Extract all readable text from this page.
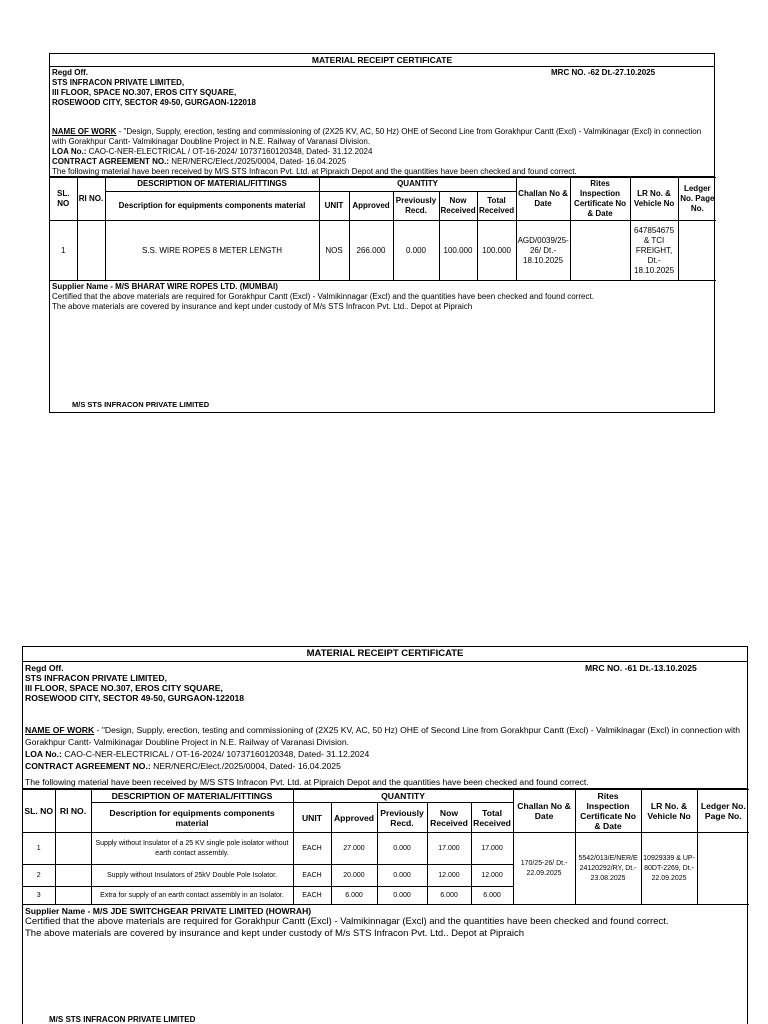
MATERIAL RECEIPT CERTIFICATE
Regd Off.
STS INFRACON PRIVATE LIMITED,
III FLOOR, SPACE NO.307, EROS CITY SQUARE,
ROSEWOOD CITY, SECTOR 49-50, GURGAON-122018
MRC NO. -62 Dt.-27.10.2025
NAME OF WORK - "Design, Supply, erection, testing and commissioning of (2X25 KV, AC, 50 Hz) OHE of Second Line from Gorakhpur Cantt (Excl) - Valmikinagar (Excl) in connection with Gorakhpur Cantt- Valmikinagar Doubline Project in N.E. Railway of Varanasi Division.
LOA No.: CAO-C-NER-ELECTRICAL / OT-16-2024/ 10737160120348, Dated- 31.12.2024
CONTRACT AGREEMENT NO.: NER/NERC/Elect./2025/0004, Dated- 16.04.2025
The following material have been received by M/S STS Infracon Pvt. Ltd. at Pipraich Depot and the quantities have been checked and found correct.
SL. NO	RI NO.	DESCRIPTION OF MATERIAL/FITTINGS	QUANTITY					Challan No & Date	Rites Inspection Certificate No & Date	LR No. & Vehicle No	Ledger No. Page No.
		Description for equipments components material	UNIT	Approved	Previously Recd.	Now Received	Total Received				
1		S.S. WIRE ROPES 8 METER LENGTH	NOS	266.000	0.000	100.000	100.000	AGD/0039/25-26/ Dt.- 18.10.2025		647854675 & TCI FREIGHT, Dt.- 18.10.2025	
Supplier Name - M/S BHARAT WIRE ROPES LTD. (MUMBAI)
Certified that the above materials are required for Gorakhpur Cantt (Excl) - Valmikinnagar (Excl) and the quantities have been checked and found correct.
The above materials are covered by insurance and kept under custody of M/s STS Infracon Pvt. Ltd.. Depot at Pipraich
M/S STS INFRACON PRIVATE LIMITED
MATERIAL RECEIPT CERTIFICATE
Regd Off.
STS INFRACON PRIVATE LIMITED,
III FLOOR, SPACE NO.307, EROS CITY SQUARE,
ROSEWOOD CITY, SECTOR 49-50, GURGAON-122018
MRC NO. -61 Dt.-13.10.2025
NAME OF WORK - "Design, Supply, erection, testing and commissioning of (2X25 KV, AC, 50 Hz) OHE of Second Line from Gorakhpur Cantt (Excl) - Valmikinagar (Excl) in connection with Gorakhpur Cantt- Valmikinagar Doubline Project in N.E. Railway of Varanasi Division.
LOA No.: CAO-C-NER-ELECTRICAL / OT-16-2024/ 10737160120348, Dated- 31.12.2024
CONTRACT AGREEMENT NO.: NER/NERC/Elect./2025/0004, Dated- 16.04.2025
The following material have been received by M/S STS Infracon Pvt. Ltd. at Pipraich Depot and the quantities have been checked and found correct.
SL. NO	RI NO.	DESCRIPTION OF MATERIAL/FITTINGS	QUANTITY					Challan No & Date	Rites Inspection Certificate No & Date	LR No. & Vehicle No	Ledger No. Page No.
		Description for equipments components material	UNIT	Approved	Previously Recd.	Now Received	Total Received				
1		Supply without Insulator of a 25 KV single pole isolator without earth contact assembly.	EACH	27.000	0.000	17.000	17.000	170/25-26/ Dt.- 22.09.2025	5542/013/E/NER/E 24120292/RY, Dt.- 23.08.2025	10929339 & UP-80DT-2269, Dt.- 22.09.2025	
2		Supply without Insulators of 25kV Double Pole Isolator.	EACH	20.000	0.000	12.000	12.000				
3		Extra for supply of an earth contact assembly in an Isolator.	EACH	6.000	0.000	6.000	6.000				
Supplier Name - M/S JDE SWITCHGEAR PRIVATE LIMITED (HOWRAH)
Certified that the above materials are required for Gorakhpur Cantt (Excl) - Valmikinnagar (Excl) and the quantities have been checked and found correct.
The above materials are covered by insurance and kept under custody of M/s STS Infracon Pvt. Ltd.. Depot at Pipraich
M/S STS INFRACON PRIVATE LIMITED
